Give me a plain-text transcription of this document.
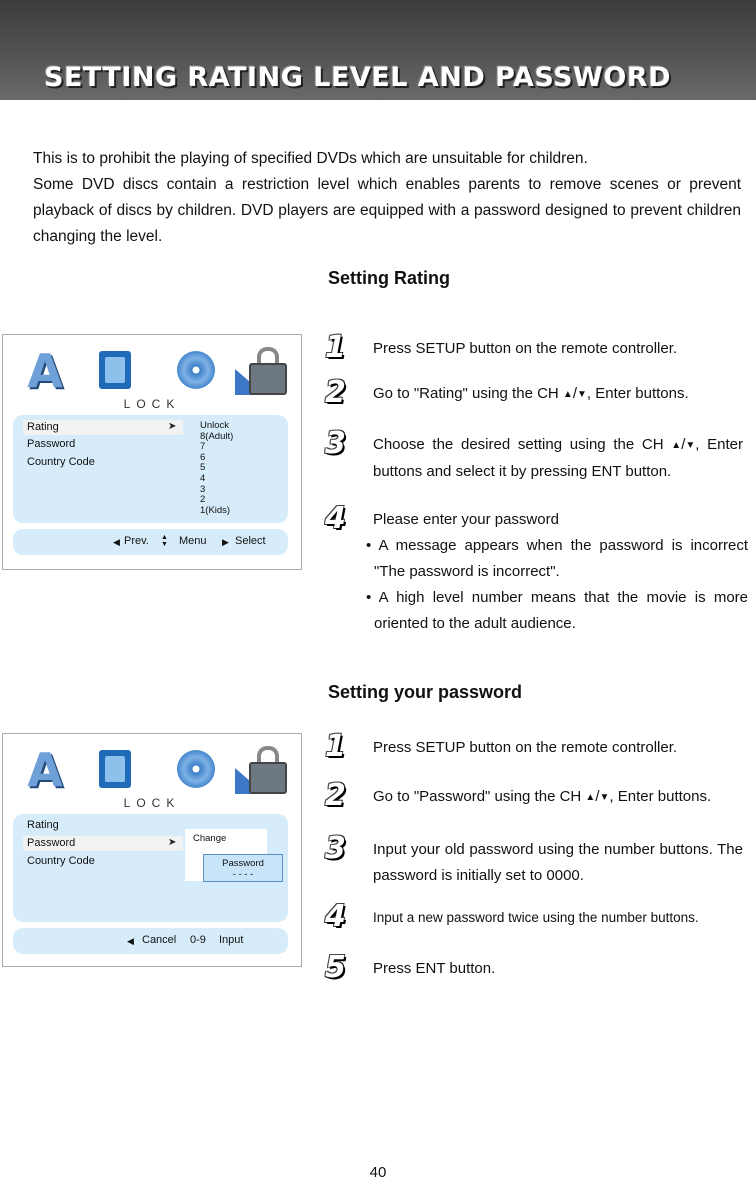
SETTING RATING LEVEL AND PASSWORD

This is to prohibit the playing of specified DVDs which are unsuitable for children.

Some DVD discs contain a restriction level which enables parents to remove scenes or prevent playback of discs by children. DVD players are equipped with a password designed to prevent children changing the level.

Setting Rating
1 Press SETUP button on the remote controller.
2 Go to "Rating" using the CH ▲/▼, Enter buttons.
3 Choose the desired setting using the CH ▲/▼, Enter buttons and select it by pressing ENT button.
4 Please enter your password
• A message appears when the password is incorrect "The password is incorrect".
• A high level number means that the movie is more oriented to the adult audience.
A
LOCK
Rating	➤
Password
Country Code
Unlock
8(Adult)
7
6
5
4
3
2
1(Kids)
◀ Prev. ▲
▼ Menu ▶ Select
Setting your password
1 Press SETUP button on the remote controller.
2 Go to "Password" using the CH ▲/▼, Enter buttons.
3 Input your old password using the number buttons. The password is initially set to 0000.
4 Input a new password twice using the number buttons.
5 Press ENT button.
A
LOCK
Rating
Password	➤
Country Code
Change
Password
- - - -
◀ Cancel 0-9 Input
40
